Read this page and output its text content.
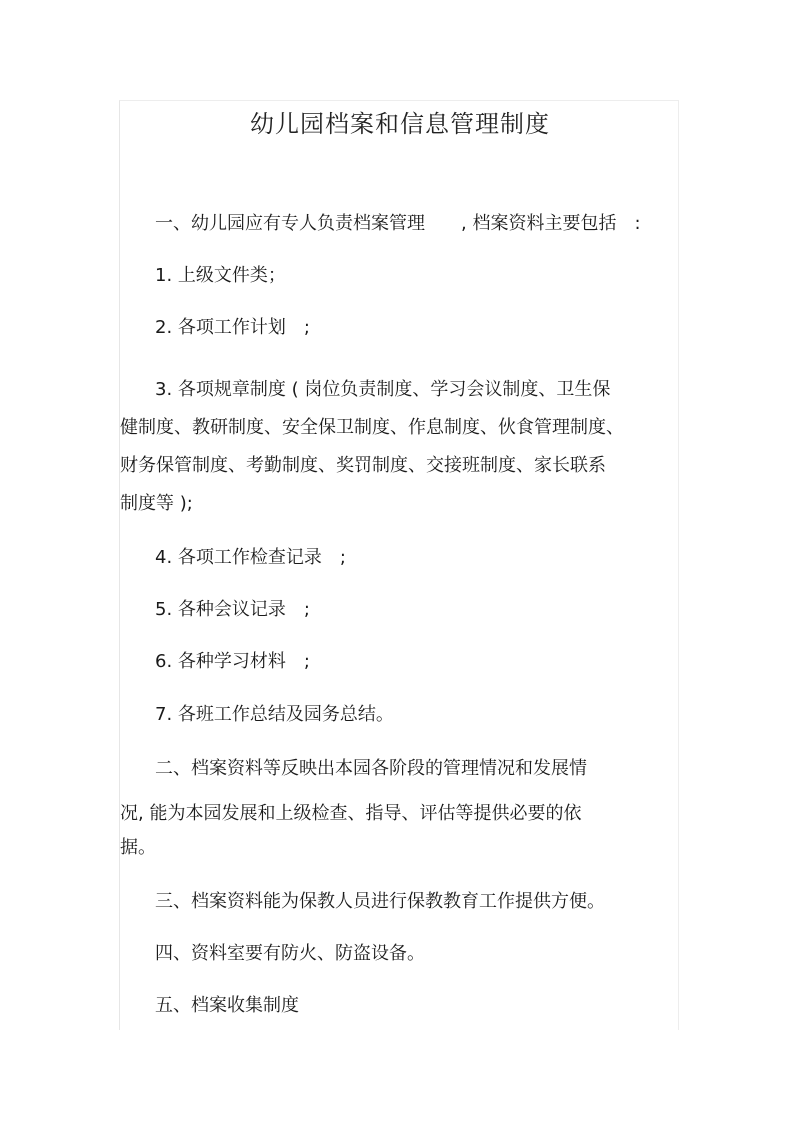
幼儿园档案和信息管理制度
一、幼儿园应有专人负责档案管理　　, 档案资料主要包括　:
1. 上级文件类；
2. 各项工作计划　;
3. 各项规章制度 ( 岗位负责制度、学习会议制度、卫生保
健制度、教研制度、安全保卫制度、作息制度、伙食管理制度、
财务保管制度、考勤制度、奖罚制度、交接班制度、家长联系
制度等 );
4. 各项工作检查记录　;
5. 各种会议记录　;
6. 各种学习材料　;
7. 各班工作总结及园务总结。
二、档案资料等反映出本园各阶段的管理情况和发展情
况, 能为本园发展和上级检查、指导、评估等提供必要的依
据。
三、档案资料能为保教人员进行保教教育工作提供方便。
四、资料室要有防火、防盗设备。
五、档案收集制度
